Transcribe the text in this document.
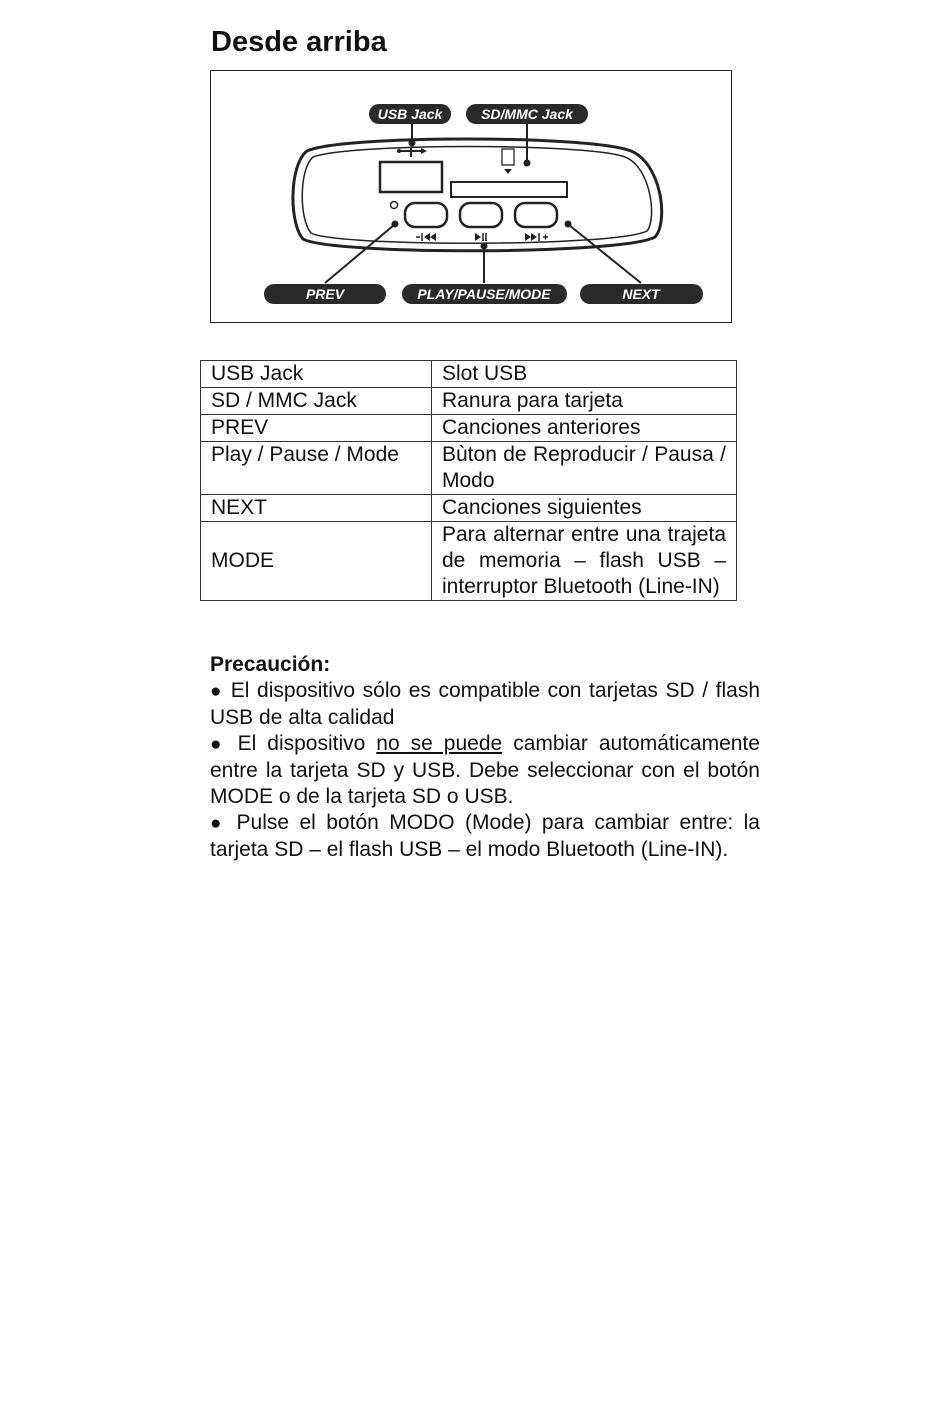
Desde arriba
USB Jack	SD/MMC Jack
PREV	PLAY/PAUSE/MODE	NEXT
USB Jack	Slot USB
SD / MMC Jack	Ranura para tarjeta
PREV	Canciones anteriores
Play / Pause / Mode	Bùton de Reproducir / Pausa / Modo
NEXT	Canciones siguientes
MODE	Para alternar entre una trajeta de memoria – flash USB – interruptor Bluetooth (Line-IN)
Precaución:

● El dispositivo sólo es compatible con tarjetas SD / flash USB de alta calidad

● El dispositivo no se puede cambiar automáticamente entre la tarjeta SD y USB. Debe seleccionar con el botón MODE o de la tarjeta SD o USB.

● Pulse el botón MODO (Mode) para cambiar entre: la tarjeta SD – el flash USB – el modo Bluetooth (Line-IN).
